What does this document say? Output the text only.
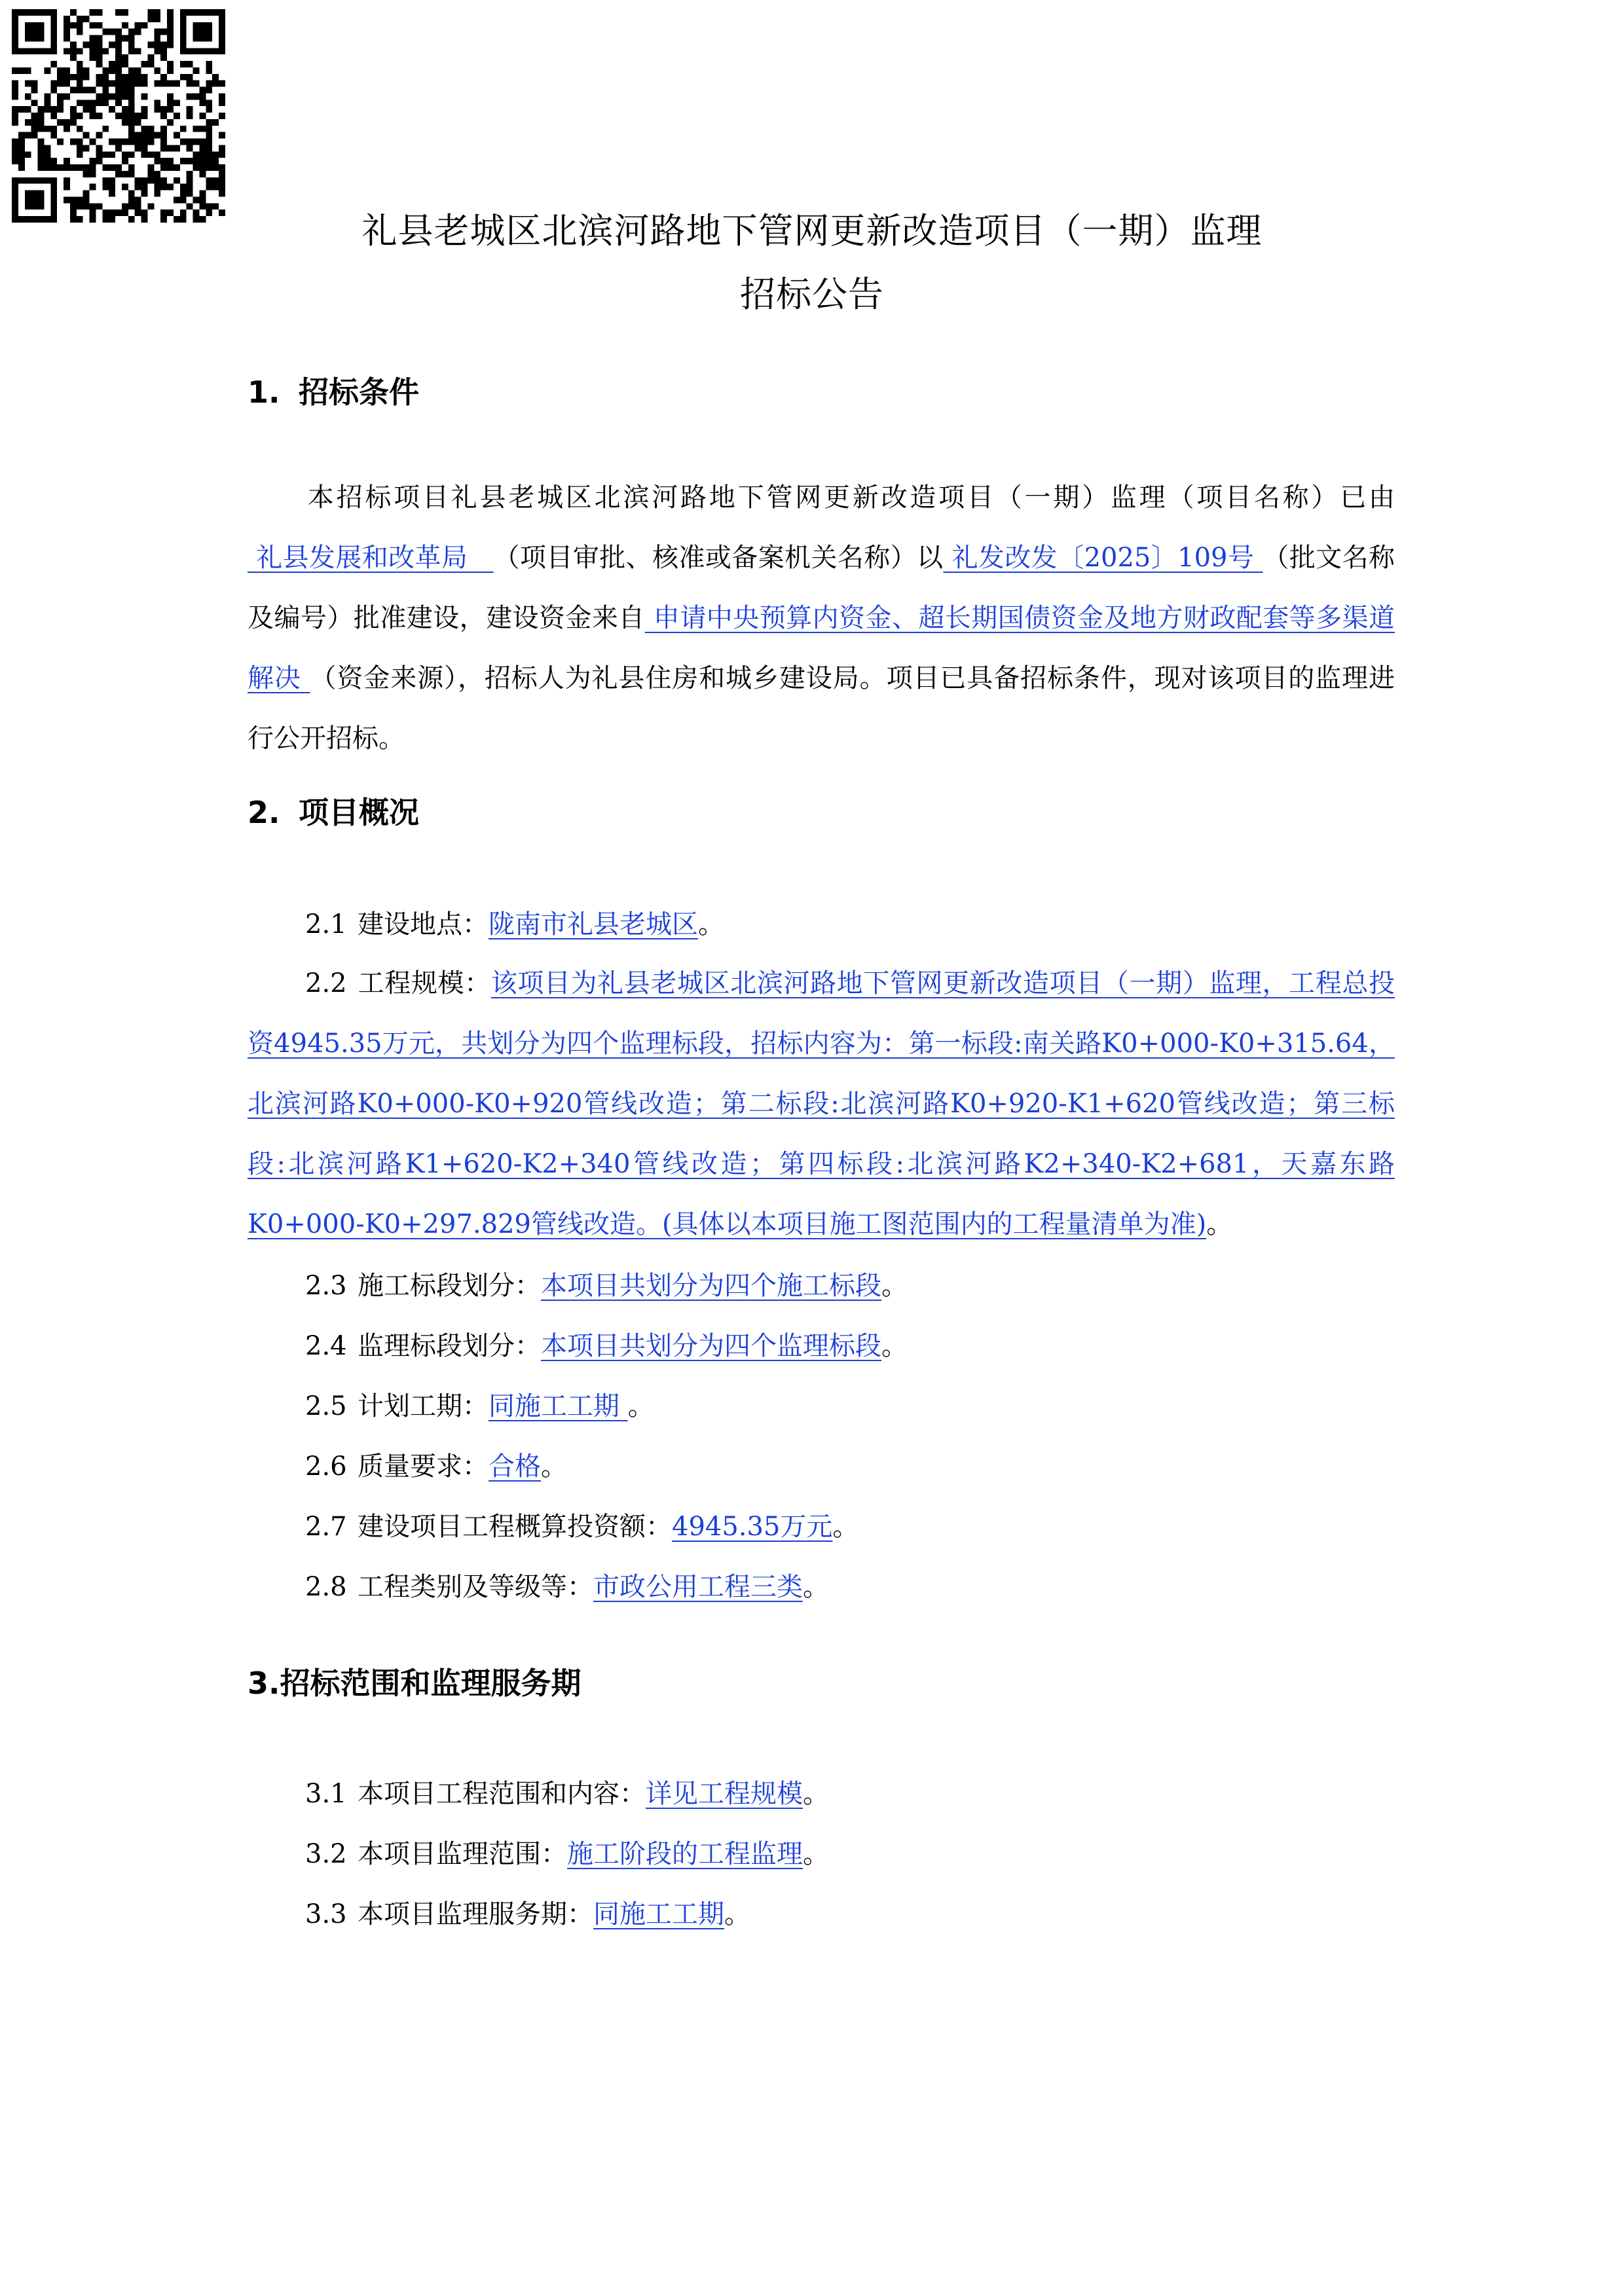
礼县老城区北滨河路地下管网更新改造项目（一期）监理
招标公告
1. 招标条件
本招标项目礼县老城区北滨河路地下管网更新改造项目（一期）监理（项目名称）已由 礼县发展和改革局   （项目审批、核准或备案机关名称）以 礼发改发〔2025〕109号 （批文名称及编号）批准建设，建设资金来自 申请中央预算内资金、超长期国债资金及地方财政配套等多渠道解决 （资金来源），招标人为礼县住房和城乡建设局。项目已具备招标条件，现对该项目的监理进行公开招标。
2. 项目概况
2.1 建设地点：陇南市礼县老城区。
2.2 工程规模：该项目为礼县老城区北滨河路地下管网更新改造项目（一期）监理，工程总投资4945.35万元，共划分为四个监理标段，招标内容为：第一标段:南关路K0+000-K0+315.64，北滨河路K0+000-K0+920管线改造；第二标段:北滨河路K0+920-K1+620管线改造；第三标段:北滨河路K1+620-K2+340管线改造；第四标段:北滨河路K2+340-K2+681，天嘉东路K0+000-K0+297.829管线改造。(具体以本项目施工图范围内的工程量清单为准)。
2.3 施工标段划分：本项目共划分为四个施工标段。
2.4 监理标段划分：本项目共划分为四个监理标段。
2.5 计划工期：同施工工期 。
2.6 质量要求：合格。
2.7 建设项目工程概算投资额：4945.35万元。
2.8 工程类别及等级等：市政公用工程三类。
3.招标范围和监理服务期
3.1 本项目工程范围和内容：详见工程规模。
3.2 本项目监理范围：施工阶段的工程监理。
3.3 本项目监理服务期：同施工工期。
